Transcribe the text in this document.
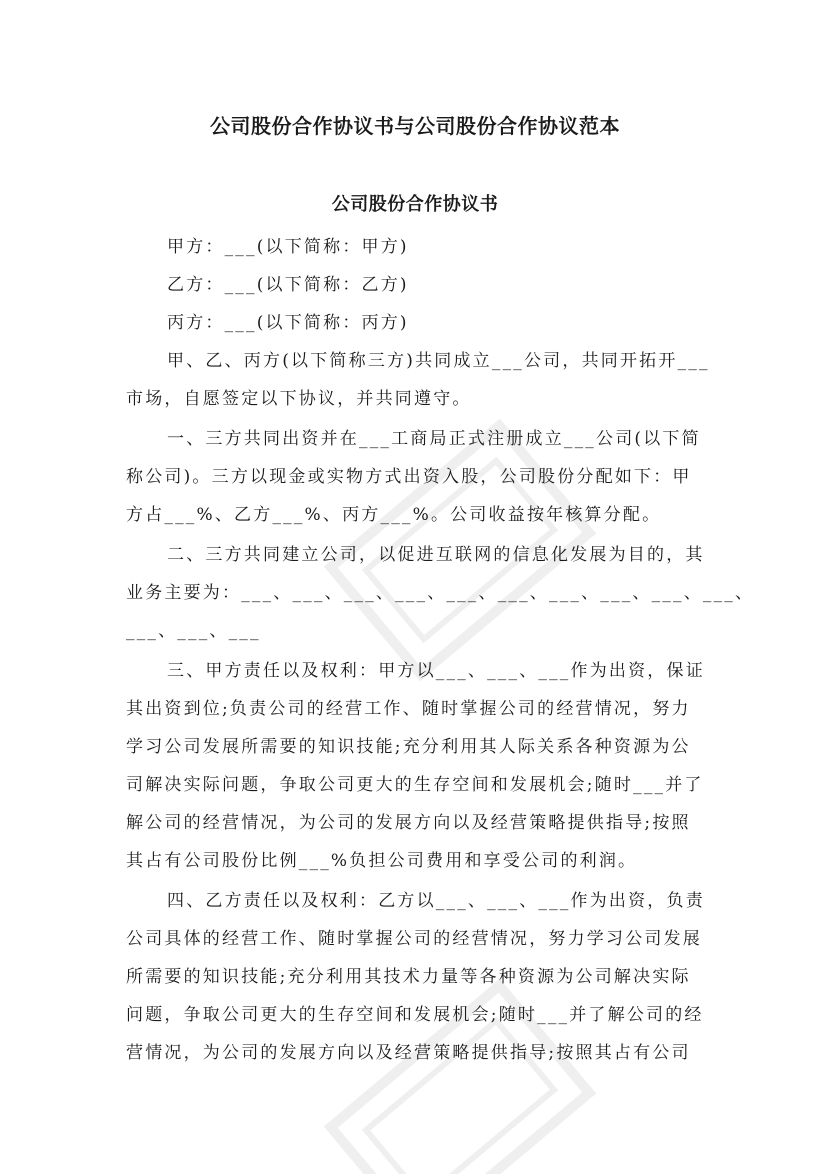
公司股份合作协议书与公司股份合作协议范本
公司股份合作协议书
甲方：___(以下简称：甲方)
乙方：___(以下简称：乙方)
丙方：___(以下简称：丙方)
甲、乙、丙方(以下简称三方)共同成立___公司，共同开拓开___
市场，自愿签定以下协议，并共同遵守。
一、三方共同出资并在___工商局正式注册成立___公司(以下简
称公司)。三方以现金或实物方式出资入股，公司股份分配如下：甲
方占___%、乙方___%、丙方___%。公司收益按年核算分配。
二、三方共同建立公司，以促进互联网的信息化发展为目的，其
业务主要为：___、___、___、___、___、___、___、___、___、___、
___、___、___
三、甲方责任以及权利：甲方以___、___、___作为出资，保证
其出资到位;负责公司的经营工作、随时掌握公司的经营情况，努力
学习公司发展所需要的知识技能;充分利用其人际关系各种资源为公
司解决实际问题，争取公司更大的生存空间和发展机会;随时___并了
解公司的经营情况，为公司的发展方向以及经营策略提供指导;按照
其占有公司股份比例___%负担公司费用和享受公司的利润。
四、乙方责任以及权利：乙方以___、___、___作为出资，负责
公司具体的经营工作、随时掌握公司的经营情况，努力学习公司发展
所需要的知识技能;充分利用其技术力量等各种资源为公司解决实际
问题，争取公司更大的生存空间和发展机会;随时___并了解公司的经
营情况，为公司的发展方向以及经营策略提供指导;按照其占有公司
